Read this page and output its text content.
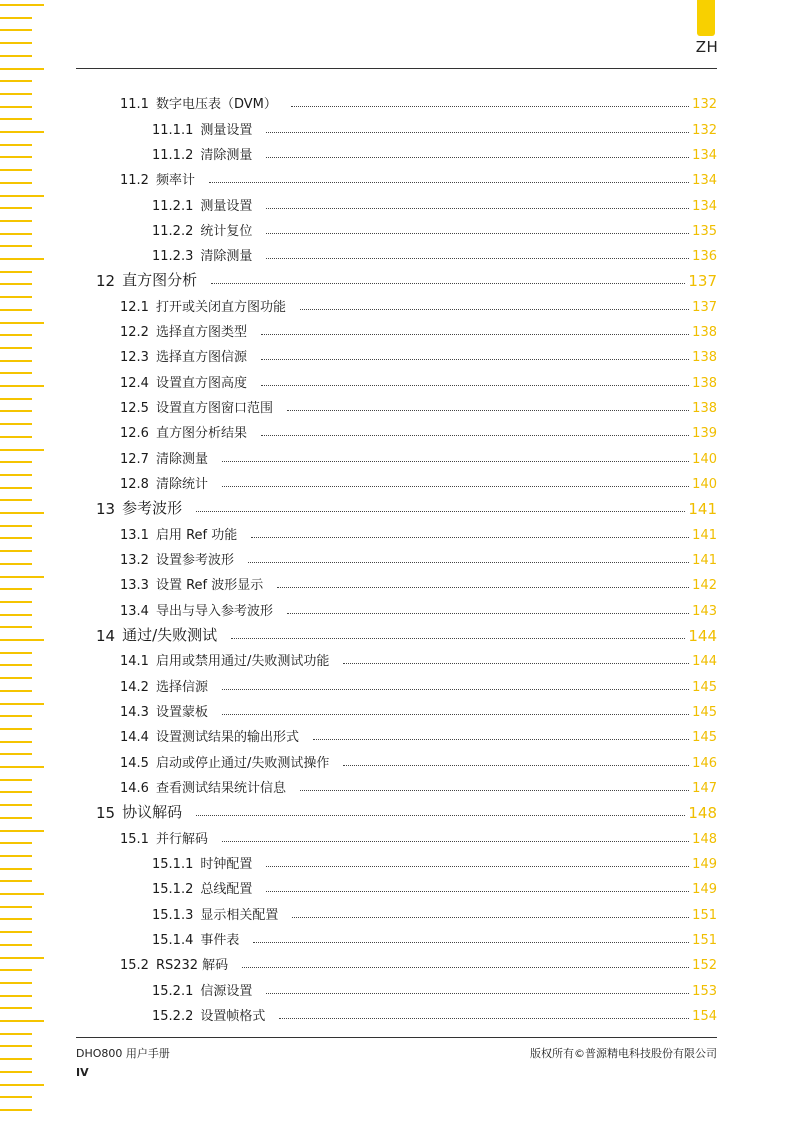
ZH
11.1 数字电压表（DVM）	132
11.1.1 测量设置	132
11.1.2 清除测量	134
11.2 频率计	134
11.2.1 测量设置	134
11.2.2 统计复位	135
11.2.3 清除测量	136
12 直方图分析	137
12.1 打开或关闭直方图功能	137
12.2 选择直方图类型	138
12.3 选择直方图信源	138
12.4 设置直方图高度	138
12.5 设置直方图窗口范围	138
12.6 直方图分析结果	139
12.7 清除测量	140
12.8 清除统计	140
13 参考波形	141
13.1 启用 Ref 功能	141
13.2 设置参考波形	141
13.3 设置 Ref 波形显示	142
13.4 导出与导入参考波形	143
14 通过/失败测试	144
14.1 启用或禁用通过/失败测试功能	144
14.2 选择信源	145
14.3 设置蒙板	145
14.4 设置测试结果的输出形式	145
14.5 启动或停止通过/失败测试操作	146
14.6 查看测试结果统计信息	147
15 协议解码	148
15.1 并行解码	148
15.1.1 时钟配置	149
15.1.2 总线配置	149
15.1.3 显示相关配置	151
15.1.4 事件表	151
15.2 RS232 解码	152
15.2.1 信源设置	153
15.2.2 设置帧格式	154
DHO800 用户手册	版权所有©普源精电科技股份有限公司
IV
